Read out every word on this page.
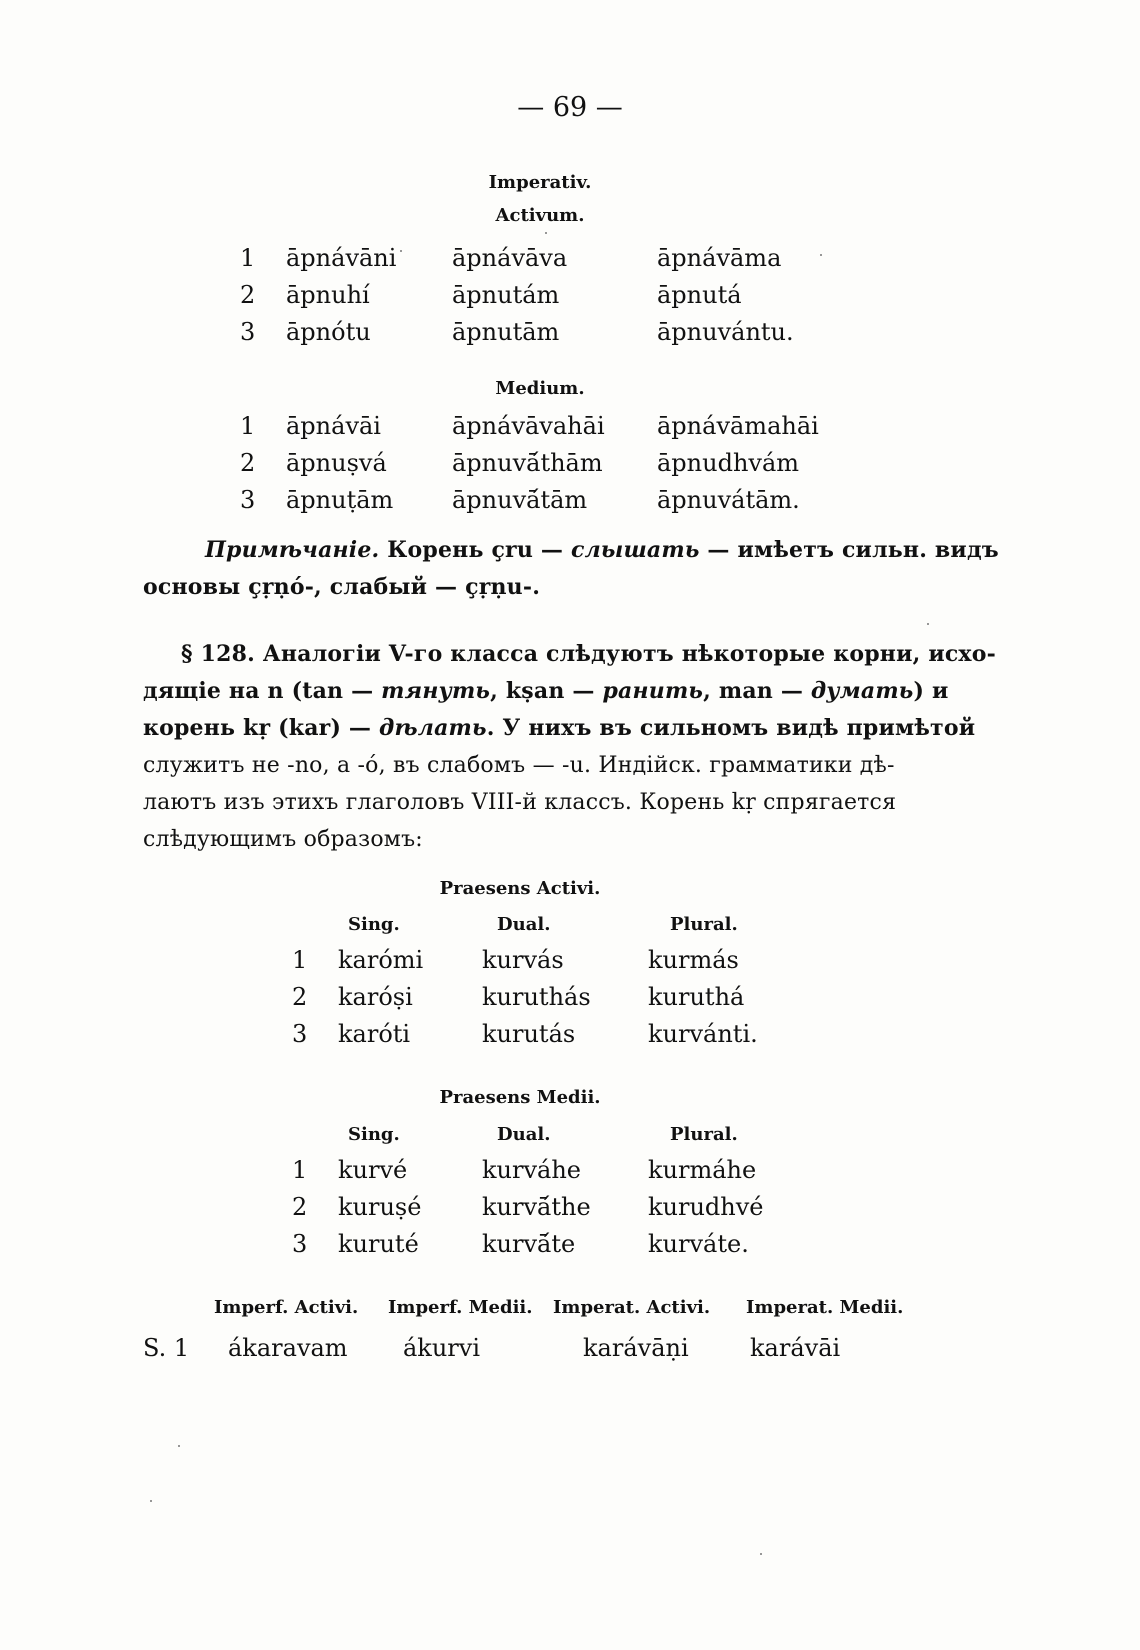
— 69 —
Imperativ.
Activum.
1 āpnávāni āpnávāva	āpnávāma
2 āpnuhí	āpnutám	āpnutá
3 āpnótu	āpnutām	āpnuvántu.
Medium.
1 āpnávāi	āpnávāvahāi āpnávāmahāi
2 āpnuṣvá	āpnuvā́thām āpnudhvám
3 āpnuṭām āpnuvā́tām	āpnuvátām.
Примѣчаніе. Корень çru — слышать — имѣетъ сильн. видъ
основы çṛṇó-, слабый — çṛṇu-.
§ 128. Аналогіи V-го класса слѣдуютъ нѣкоторые корни, исхо-
дящіе на n (tan — тянуть, kṣan — ранить, man — думать) и
корень kṛ (kar) — дѣлать. У нихъ въ сильномъ видѣ примѣтой
служитъ не -no, а -ó, въ слабомъ — -u. Индійск. грамматики дѣ-
лаютъ изъ этихъ глаголовъ VIII-й классъ. Корень kṛ спрягается
слѣдующимъ образомъ:
Praesens Activi.
Sing.	Dual.	Plural.
1 karómi kurvás	kurmás
2 karóṣi	kuruthás kuruthá
3 karóti	kurutás	kurvánti.
Praesens Medii.
Sing.	Dual.	Plural.
1 kurvé	kurváhe	kurmáhe
2 kuruṣé	kurvā́the kurudhvé
3 kuruté	kurvā́te	kurváte.
Imperf. Activi. Imperf. Medii. Imperat. Activi. Imperat. Medii.
S. 1 ákaravam ákurvi	karávāṇi	karávāi
